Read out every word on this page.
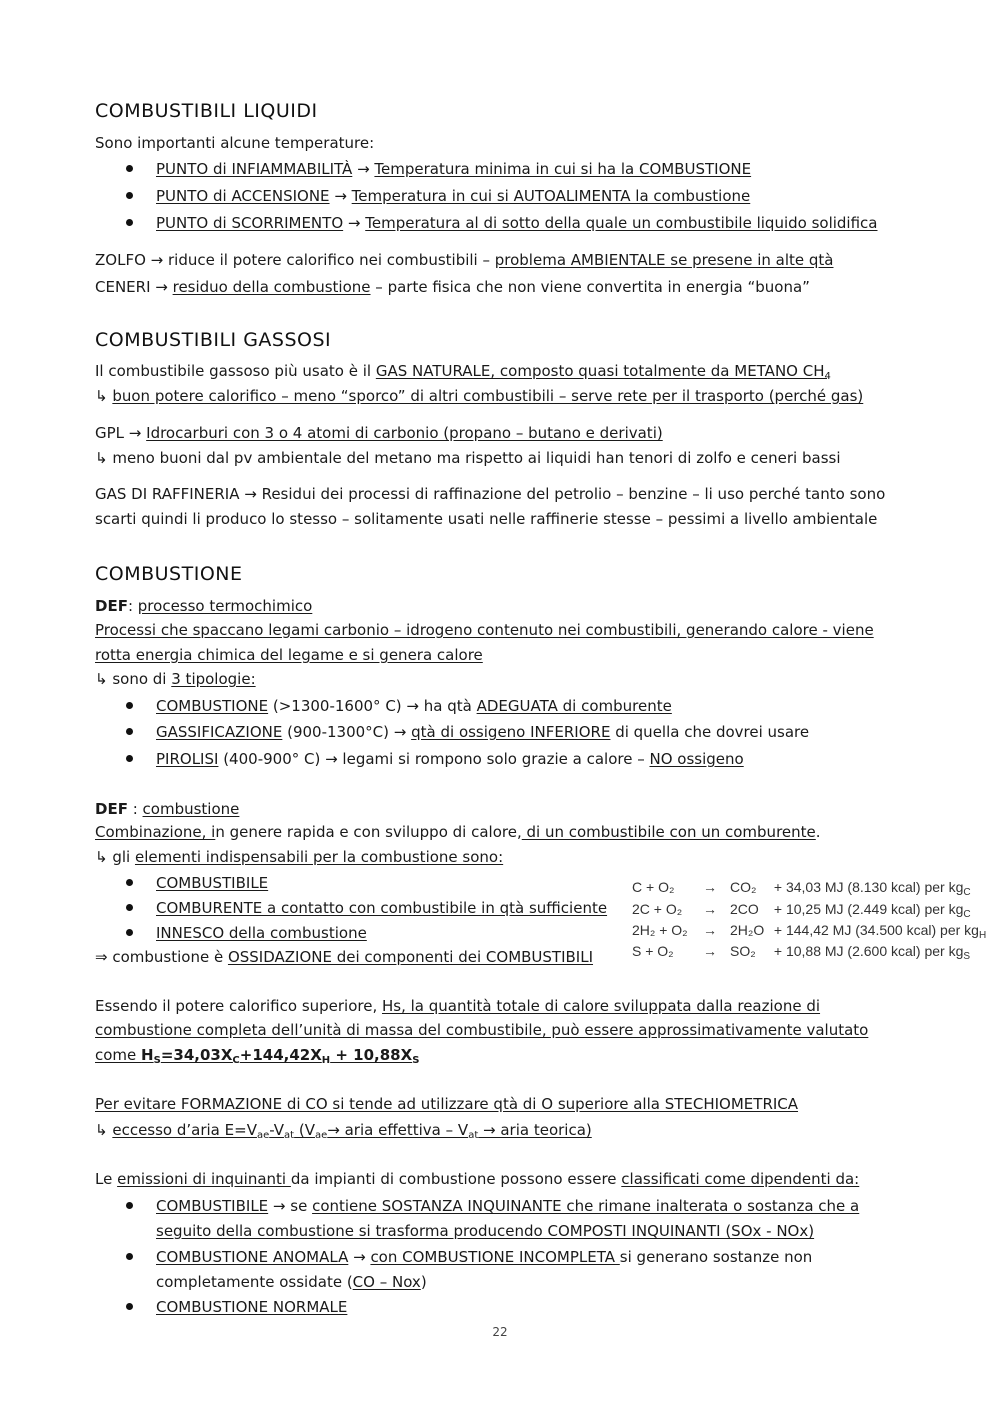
COMBUSTIBILI LIQUIDI
Sono importanti alcune temperature:
PUNTO di INFIAMMABILITÀ → Temperatura minima in cui si ha la COMBUSTIONE
PUNTO di ACCENSIONE → Temperatura in cui si AUTOALIMENTA la combustione
PUNTO di SCORRIMENTO → Temperatura al di sotto della quale un combustibile liquido solidifica
ZOLFO → riduce il potere calorifico nei combustibili – problema AMBIENTALE se presene in alte qtà
CENERI → residuo della combustione – parte fisica che non viene convertita in energia “buona”
COMBUSTIBILI GASSOSI
Il combustibile gassoso più usato è il GAS NATURALE, composto quasi totalmente da METANO $CH_4$
↳ buon potere calorifico – meno “sporco” di altri combustibili – serve rete per il trasporto (perché gas)
GPL → Idrocarburi con 3 o 4 atomi di carbonio (propano – butano e derivati)
↳ meno buoni dal pv ambientale del metano ma rispetto ai liquidi han tenori di zolfo e ceneri bassi
GAS DI RAFFINERIA → Residui dei processi di raffinazione del petrolio – benzine – li uso perché tanto sono
scarti quindi li produco lo stesso – solitamente usati nelle raffinerie stesse – pessimi a livello ambientale
COMBUSTIONE
DEF: processo termochimico
Processi che spaccano legami carbonio – idrogeno contenuto nei combustibili, generando calore - viene
rotta energia chimica del legame e si genera calore
↳ sono di 3 tipologie:
COMBUSTIONE (>1300-1600° C) → ha qtà ADEGUATA di comburente
GASSIFICAZIONE (900-1300°C) → qtà di ossigeno INFERIORE di quella che dovrei usare
PIROLISI (400-900° C) → legami si rompono solo grazie a calore – NO ossigeno
DEF : combustione
Combinazione, in genere rapida e con sviluppo di calore, di un combustibile con un comburente.
↳ gli elementi indispensabili per la combustione sono:
COMBUSTIBILE
COMBURENTE a contatto con combustibile in qtà sufficiente
INNESCO della combustione
⇒ combustione è OSSIDAZIONE dei componenti dei COMBUSTIBILI
C + O₂ → CO₂ + 34,03 MJ (8.130 kcal) per $kg_C$
2C + O₂ → 2CO + 10,25 MJ (2.449 kcal) per $kg_C$
2H₂ + O₂ → 2H₂O + 144,42 MJ (34.500 kcal) per $kg_H$
S + O₂ → SO₂ + 10,88 MJ (2.600 kcal) per $kg_S$
Essendo il potere calorifico superiore, Hs, la quantità totale di calore sviluppata dalla reazione di
combustione completa dell’unità di massa del combustibile, può essere approssimativamente valutato
come $H_S=34,03X_C+144,42X_H + 10,88X_S$
Per evitare FORMAZIONE di CO si tende ad utilizzare qtà di O superiore alla STECHIOMETRICA
↳ eccesso d’aria $E=V_{ae}-V_{at}$ ($V_{ae}\to$ aria effettiva – $V_{at}$ → aria teorica)
Le emissioni di inquinanti da impianti di combustione possono essere classificati come dipendenti da:
COMBUSTIBILE → se contiene SOSTANZA INQUINANTE che rimane inalterata o sostanza che a
seguito della combustione si trasforma producendo COMPOSTI INQUINANTI (SOx - NOx)
COMBUSTIONE ANOMALA → con COMBUSTIONE INCOMPLETA si generano sostanze non
completamente ossidate (CO – Nox)
COMBUSTIONE NORMALE
22
